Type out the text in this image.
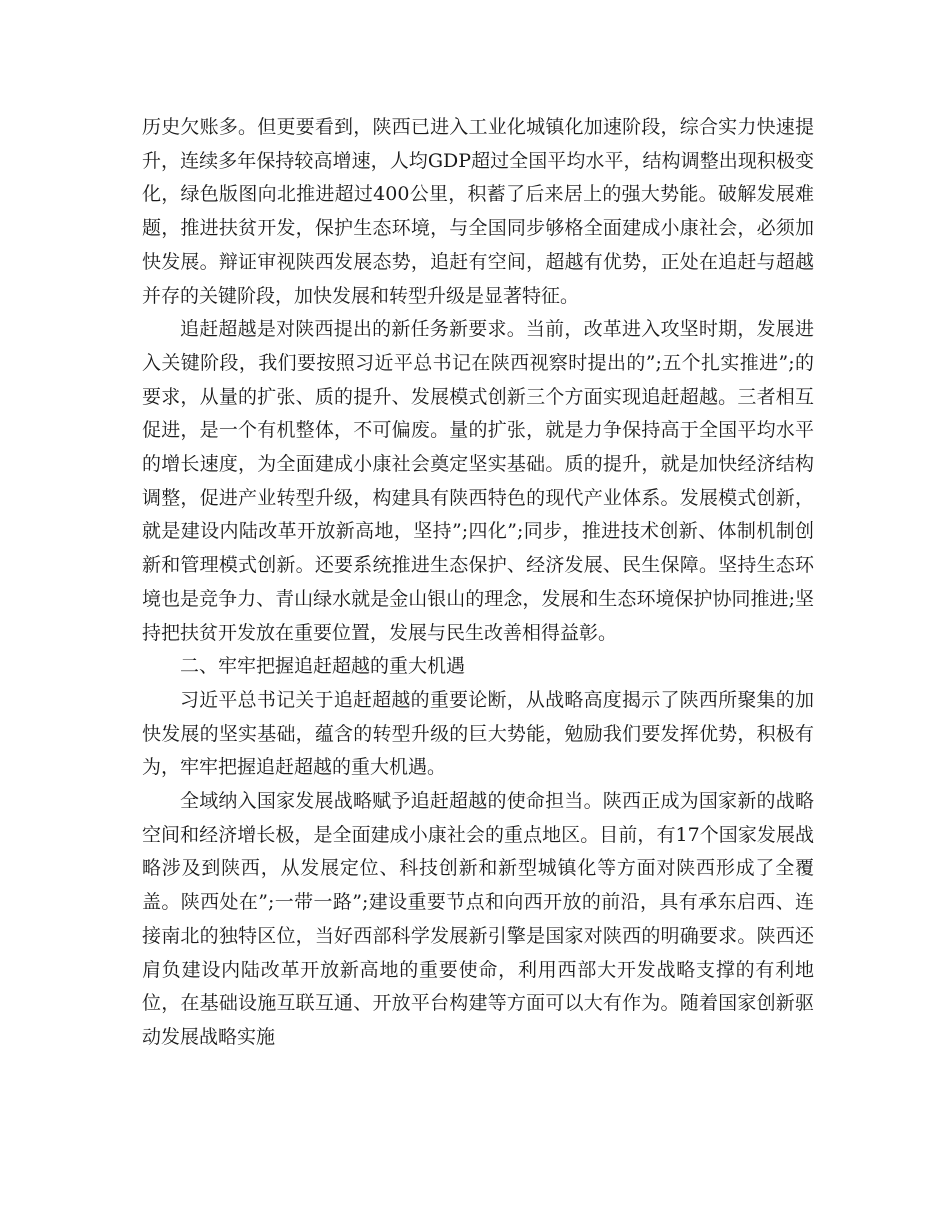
历史欠账多。但更要看到，陕西已进入工业化城镇化加速阶段，综合实力快速提升，连续多年保持较高增速，人均GDP超过全国平均水平，结构调整出现积极变化，绿色版图向北推进超过400公里，积蓄了后来居上的强大势能。破解发展难题，推进扶贫开发，保护生态环境，与全国同步够格全面建成小康社会，必须加快发展。辩证审视陕西发展态势，追赶有空间，超越有优势，正处在追赶与超越并存的关键阶段，加快发展和转型升级是显著特征。

追赶超越是对陕西提出的新任务新要求。当前，改革进入攻坚时期，发展进入关键阶段，我们要按照习近平总书记在陕西视察时提出的”;五个扎实推进”;的要求，从量的扩张、质的提升、发展模式创新三个方面实现追赶超越。三者相互促进，是一个有机整体，不可偏废。量的扩张，就是力争保持高于全国平均水平的增长速度，为全面建成小康社会奠定坚实基础。质的提升，就是加快经济结构调整，促进产业转型升级，构建具有陕西特色的现代产业体系。发展模式创新，就是建设内陆改革开放新高地，坚持”;四化”;同步，推进技术创新、体制机制创新和管理模式创新。还要系统推进生态保护、经济发展、民生保障。坚持生态环境也是竞争力、青山绿水就是金山银山的理念，发展和生态环境保护协同推进;坚持把扶贫开发放在重要位置，发展与民生改善相得益彰。

二、牢牢把握追赶超越的重大机遇

习近平总书记关于追赶超越的重要论断，从战略高度揭示了陕西所聚集的加快发展的坚实基础，蕴含的转型升级的巨大势能，勉励我们要发挥优势，积极有为，牢牢把握追赶超越的重大机遇。

全域纳入国家发展战略赋予追赶超越的使命担当。陕西正成为国家新的战略空间和经济增长极，是全面建成小康社会的重点地区。目前，有17个国家发展战略涉及到陕西，从发展定位、科技创新和新型城镇化等方面对陕西形成了全覆盖。陕西处在”;一带一路”;建设重要节点和向西开放的前沿，具有承东启西、连接南北的独特区位，当好西部科学发展新引擎是国家对陕西的明确要求。陕西还肩负建设内陆改革开放新高地的重要使命，利用西部大开发战略支撑的有利地位，在基础设施互联互通、开放平台构建等方面可以大有作为。随着国家创新驱动发展战略实施
